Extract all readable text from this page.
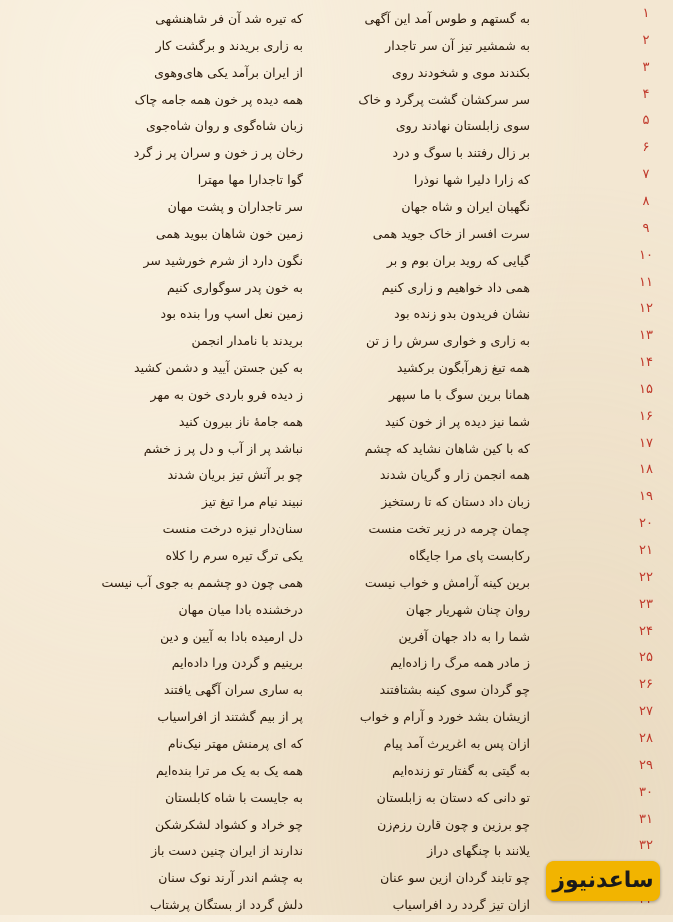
۱
به گستهم و طوس آمد این آگهی
که تیره شد آن فر شاهنشهی
۲
به شمشیر تیز آن سر تاجدار
به زاری بریدند و برگشت کار
۳
بکندند موی و شخودند روی
از ایران برآمد یکی های‌وهوی
۴
سر سرکشان گشت پرگرد و خاک
همه دیده پر خون همه جامه چاک
۵
سوی زابلستان نهادند روی
زبان شاه‌گوی و روان شاه‌جوی
۶
بر زال رفتند با سوگ و درد
رخان پر ز خون و سران پر ز گرد
۷
که زارا دلیرا شها نوذرا
گوا تاجدارا مها مهترا
۸
نگهبان ایران و شاه جهان
سر تاجداران و پشت مهان
۹
سرت افسر از خاک جوید همی
زمین خون شاهان ببوید همی
۱۰
گیایی که روید بران بوم و بر
نگون دارد از شرم خورشید سر
۱۱
همی داد خواهیم و زاری کنیم
به خون پدر سوگواری کنیم
۱۲
نشان فریدون بدو زنده بود
زمین نعل اسپ ورا بنده بود
۱۳
به زاری و خواری سرش را ز تن
بریدند با نامدار انجمن
۱۴
همه تیغ زهرآبگون برکشید
به کین جستن آیید و دشمن کشید
۱۵
همانا برین سوگ با ما سپهر
ز دیده فرو باردی خون به مهر
۱۶
شما نیز دیده پر از خون کنید
همه جامهٔ ناز بیرون کنید
۱۷
که با کین شاهان نشاید که چشم
نباشد پر از آب و دل پر ز خشم
۱۸
همه انجمن زار و گریان شدند
چو بر آتش تیز بریان شدند
۱۹
زبان داد دستان که تا رستخیز
نبیند نیام مرا تیغ تیز
۲۰
چمان چرمه در زیر تخت منست
سنان‌دار نیزه درخت منست
۲۱
رکابست پای مرا جایگاه
یکی ترگ تیره سرم را کلاه
۲۲
برین کینه آرامش و خواب نیست
همی چون دو چشمم به جوی آب نیست
۲۳
روان چنان شهریار جهان
درخشنده بادا میان مهان
۲۴
شما را به داد جهان آفرین
دل ارمیده بادا به آیین و دین
۲۵
ز مادر همه مرگ را زاده‌ایم
برینیم و گردن ورا داده‌ایم
۲۶
چو گردان سوی کینه بشتافتند
به ساری سران آگهی یافتند
۲۷
ازیشان بشد خورد و آرام و خواب
پر از بیم گشتند از افراسیاب
۲۸
ازان پس به اغریرث آمد پیام
که ای پرمنش مهتر نیک‌نام
۲۹
به گیتی به گفتار تو زنده‌ایم
همه یک به یک مر ترا بنده‌ایم
۳۰
تو دانی که دستان به زابلستان
به جایست با شاه کابلستان
۳۱
چو برزین و چون قارن رزم‌زن
چو خراد و کشواد لشکرشکن
۳۲
یلانند با چنگهای دراز
ندارند از ایران چنین دست باز
چو تابند گردان ازین سو عنان
به چشم اندر آرند نوک سنان
ازان تیز گردد رد افراسیاب
دلش گردد از بستگان پرشتاب
ساعدنیوز
